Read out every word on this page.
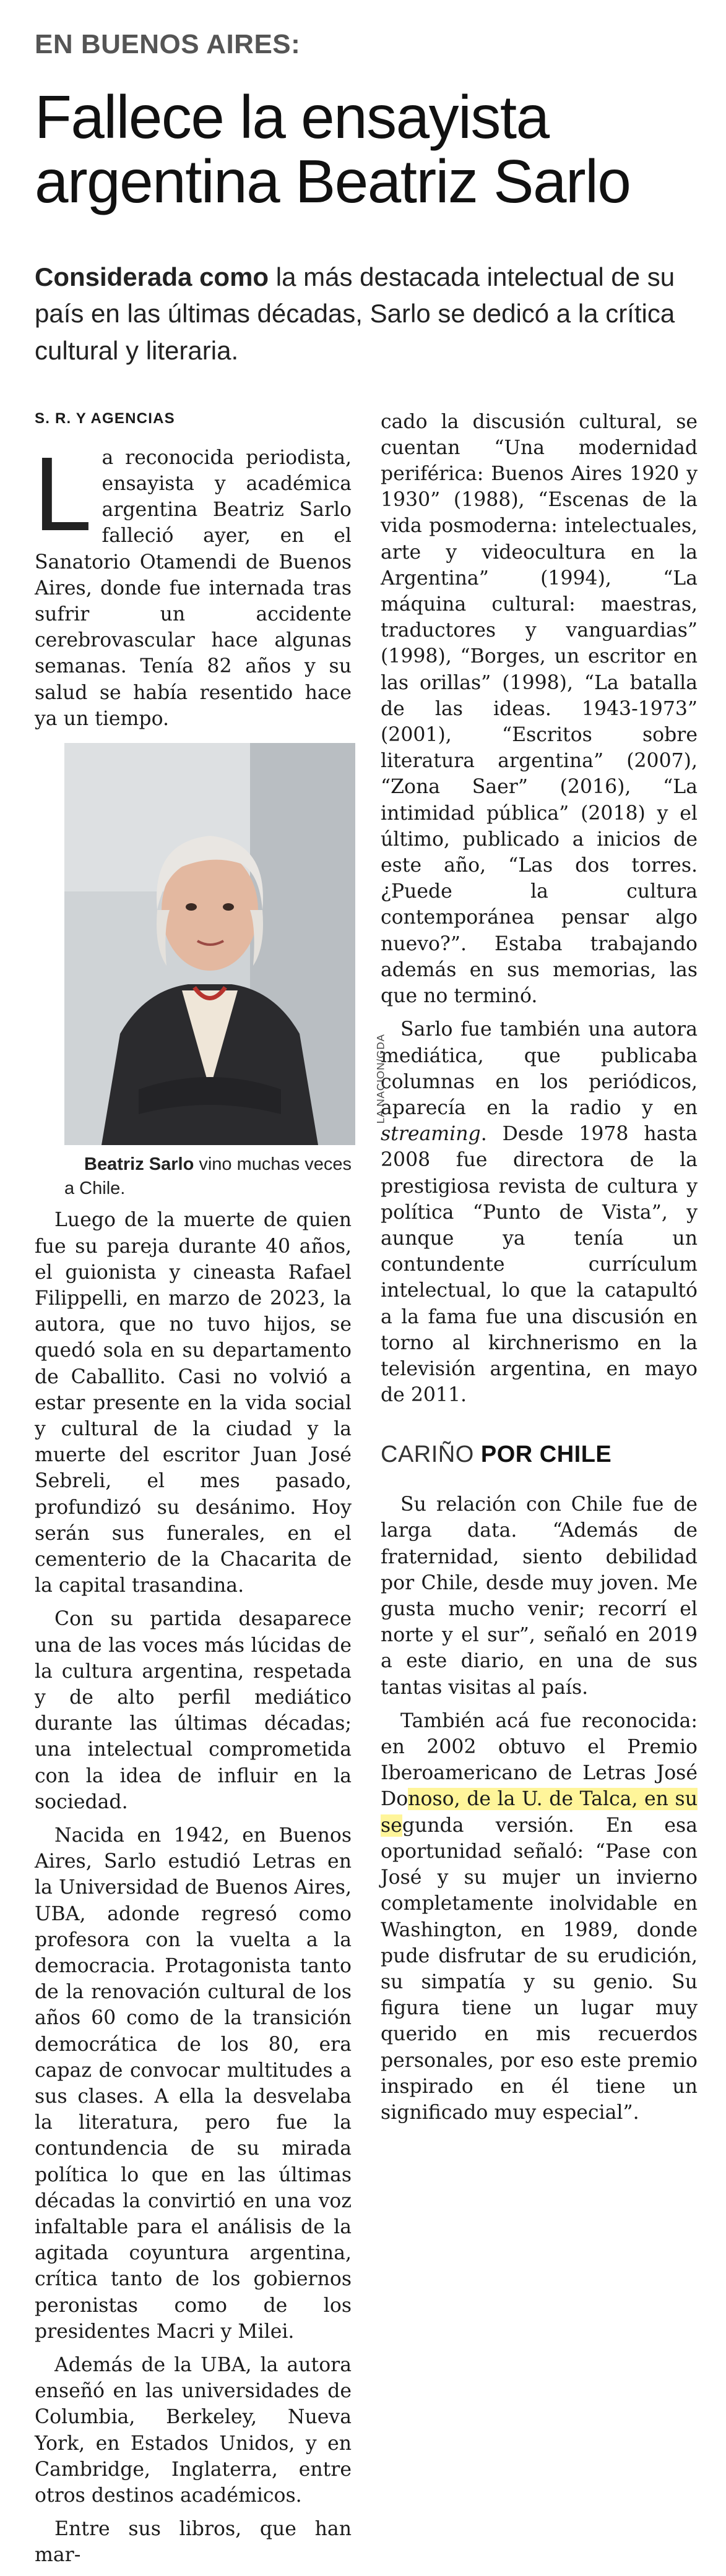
EN BUENOS AIRES:
Fallece la ensayista argentina Beatriz Sarlo

Considerada como la más destacada intelectual de su país en las últimas décadas, Sarlo se dedicó a la crítica cultural y literaria.

S. R. Y AGENCIAS

La reconocida periodista, ensayista y académica argentina Beatriz Sarlo falleció ayer, en el Sanatorio Otamendi de Buenos Aires, donde fue internada tras sufrir un accidente cerebrovascular hace algunas semanas. Tenía 82 años y su salud se había resentido hace ya un tiempo.

LA NACION/GDA
Beatriz Sarlo vino muchas veces a Chile.
Luego de la muerte de quien fue su pareja durante 40 años, el guionista y cineasta Rafael Filippelli, en marzo de 2023, la autora, que no tuvo hijos, se quedó sola en su departamento de Caballito. Casi no volvió a estar presente en la vida social y cultural de la ciudad y la muerte del escritor Juan José Sebreli, el mes pasado, profundizó su desánimo. Hoy serán sus funerales, en el cementerio de la Chacarita de la capital trasandina.

Con su partida desaparece una de las voces más lúcidas de la cultura argentina, respetada y de alto perfil mediático durante las últimas décadas; una intelectual comprometida con la idea de influir en la sociedad.

Nacida en 1942, en Buenos Aires, Sarlo estudió Letras en la Universidad de Buenos Aires, UBA, adonde regresó como profesora con la vuelta a la democracia. Protagonista tanto de la renovación cultural de los años 60 como de la transición democrática de los 80, era capaz de convocar multitudes a sus clases. A ella la desvelaba la literatura, pero fue la contundencia de su mirada política lo que en las últimas décadas la convirtió en una voz infaltable para el análisis de la agitada coyuntura argentina, crítica tanto de los gobiernos peronistas como de los presidentes Macri y Milei.

Además de la UBA, la autora enseñó en las universidades de Columbia, Berkeley, Nueva York, en Estados Unidos, y en Cambridge, Inglaterra, entre otros destinos académicos.

Entre sus libros, que han mar-

cado la discusión cultural, se cuentan “Una modernidad periférica: Buenos Aires 1920 y 1930” (1988), “Escenas de la vida posmoderna: intelectuales, arte y videocultura en la Argentina” (1994), “La máquina cultural: maestras, traductores y vanguardias” (1998), “Borges, un escritor en las orillas” (1998), “La batalla de las ideas. 1943-1973” (2001), “Escritos sobre literatura argentina” (2007), “Zona Saer” (2016), “La intimidad pública” (2018) y el último, publicado a inicios de este año, “Las dos torres. ¿Puede la cultura contemporánea pensar algo nuevo?”. Estaba trabajando además en sus memorias, las que no terminó.

Sarlo fue también una autora mediática, que publicaba columnas en los periódicos, aparecía en la radio y en streaming. Desde 1978 hasta 2008 fue directora de la prestigiosa revista de cultura y política “Punto de Vista”, y aunque ya tenía un contundente currículum intelectual, lo que la catapultó a la fama fue una discusión en torno al kirchnerismo en la televisión argentina, en mayo de 2011.

CARIÑO POR CHILE

Su relación con Chile fue de larga data. “Además de fraternidad, siento debilidad por Chile, desde muy joven. Me gusta mucho venir; recorrí el norte y el sur”, señaló en 2019 a este diario, en una de sus tantas visitas al país.

También acá fue reconocida: en 2002 obtuvo el Premio Iberoamericano de Letras José Donoso, de la U. de Talca, en su segunda versión. En esa oportunidad señaló: “Pase con José y su mujer un invierno completamente inolvidable en Washington, en 1989, donde pude disfrutar de su erudición, su simpatía y su genio. Su figura tiene un lugar muy querido en mis recuerdos personales, por eso este premio inspirado en él tiene un significado muy especial”.
